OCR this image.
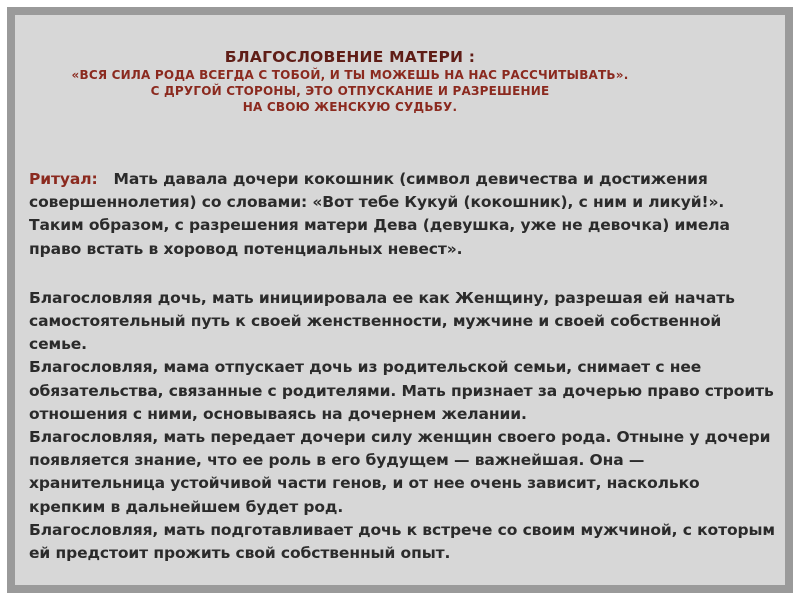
БЛАГОСЛОВЕНИЕ МАТЕРИ :
«ВСЯ СИЛА РОДА ВСЕГДА С ТОБОЙ, И ТЫ МОЖЕШЬ НА НАС РАССЧИТЫВАТЬ».
С ДРУГОЙ СТОРОНЫ, ЭТО ОТПУСКАНИЕ И РАЗРЕШЕНИЕ
НА СВОЮ ЖЕНСКУЮ СУДЬБУ.

Ритуал: Мать давала дочери кокошник (символ девичества и достижения совершеннолетия) со словами: «Вот тебе Кукуй (кокошник), с ним и ликуй!». Таким образом, с разрешения матери Дева (девушка, уже не девочка) имела право встать в хоровод потенциальных невест».

Благословляя дочь, мать инициировала ее как Женщину, разрешая ей начать самостоятельный путь к своей женственности, мужчине и своей собственной семье.

Благословляя, мама отпускает дочь из родительской семьи, снимает с нее обязательства, связанные с родителями. Мать признает за дочерью право строить отношения с ними, основываясь на дочернем желании.

Благословляя, мать передает дочери силу женщин своего рода. Отныне у дочери появляется знание, что ее роль в его будущем — важнейшая. Она — хранительница устойчивой части генов, и от нее очень зависит, насколько крепким в дальнейшем будет род.

Благословляя, мать подготавливает дочь к встрече со своим мужчиной, с которым ей предстоит прожить свой собственный опыт.
